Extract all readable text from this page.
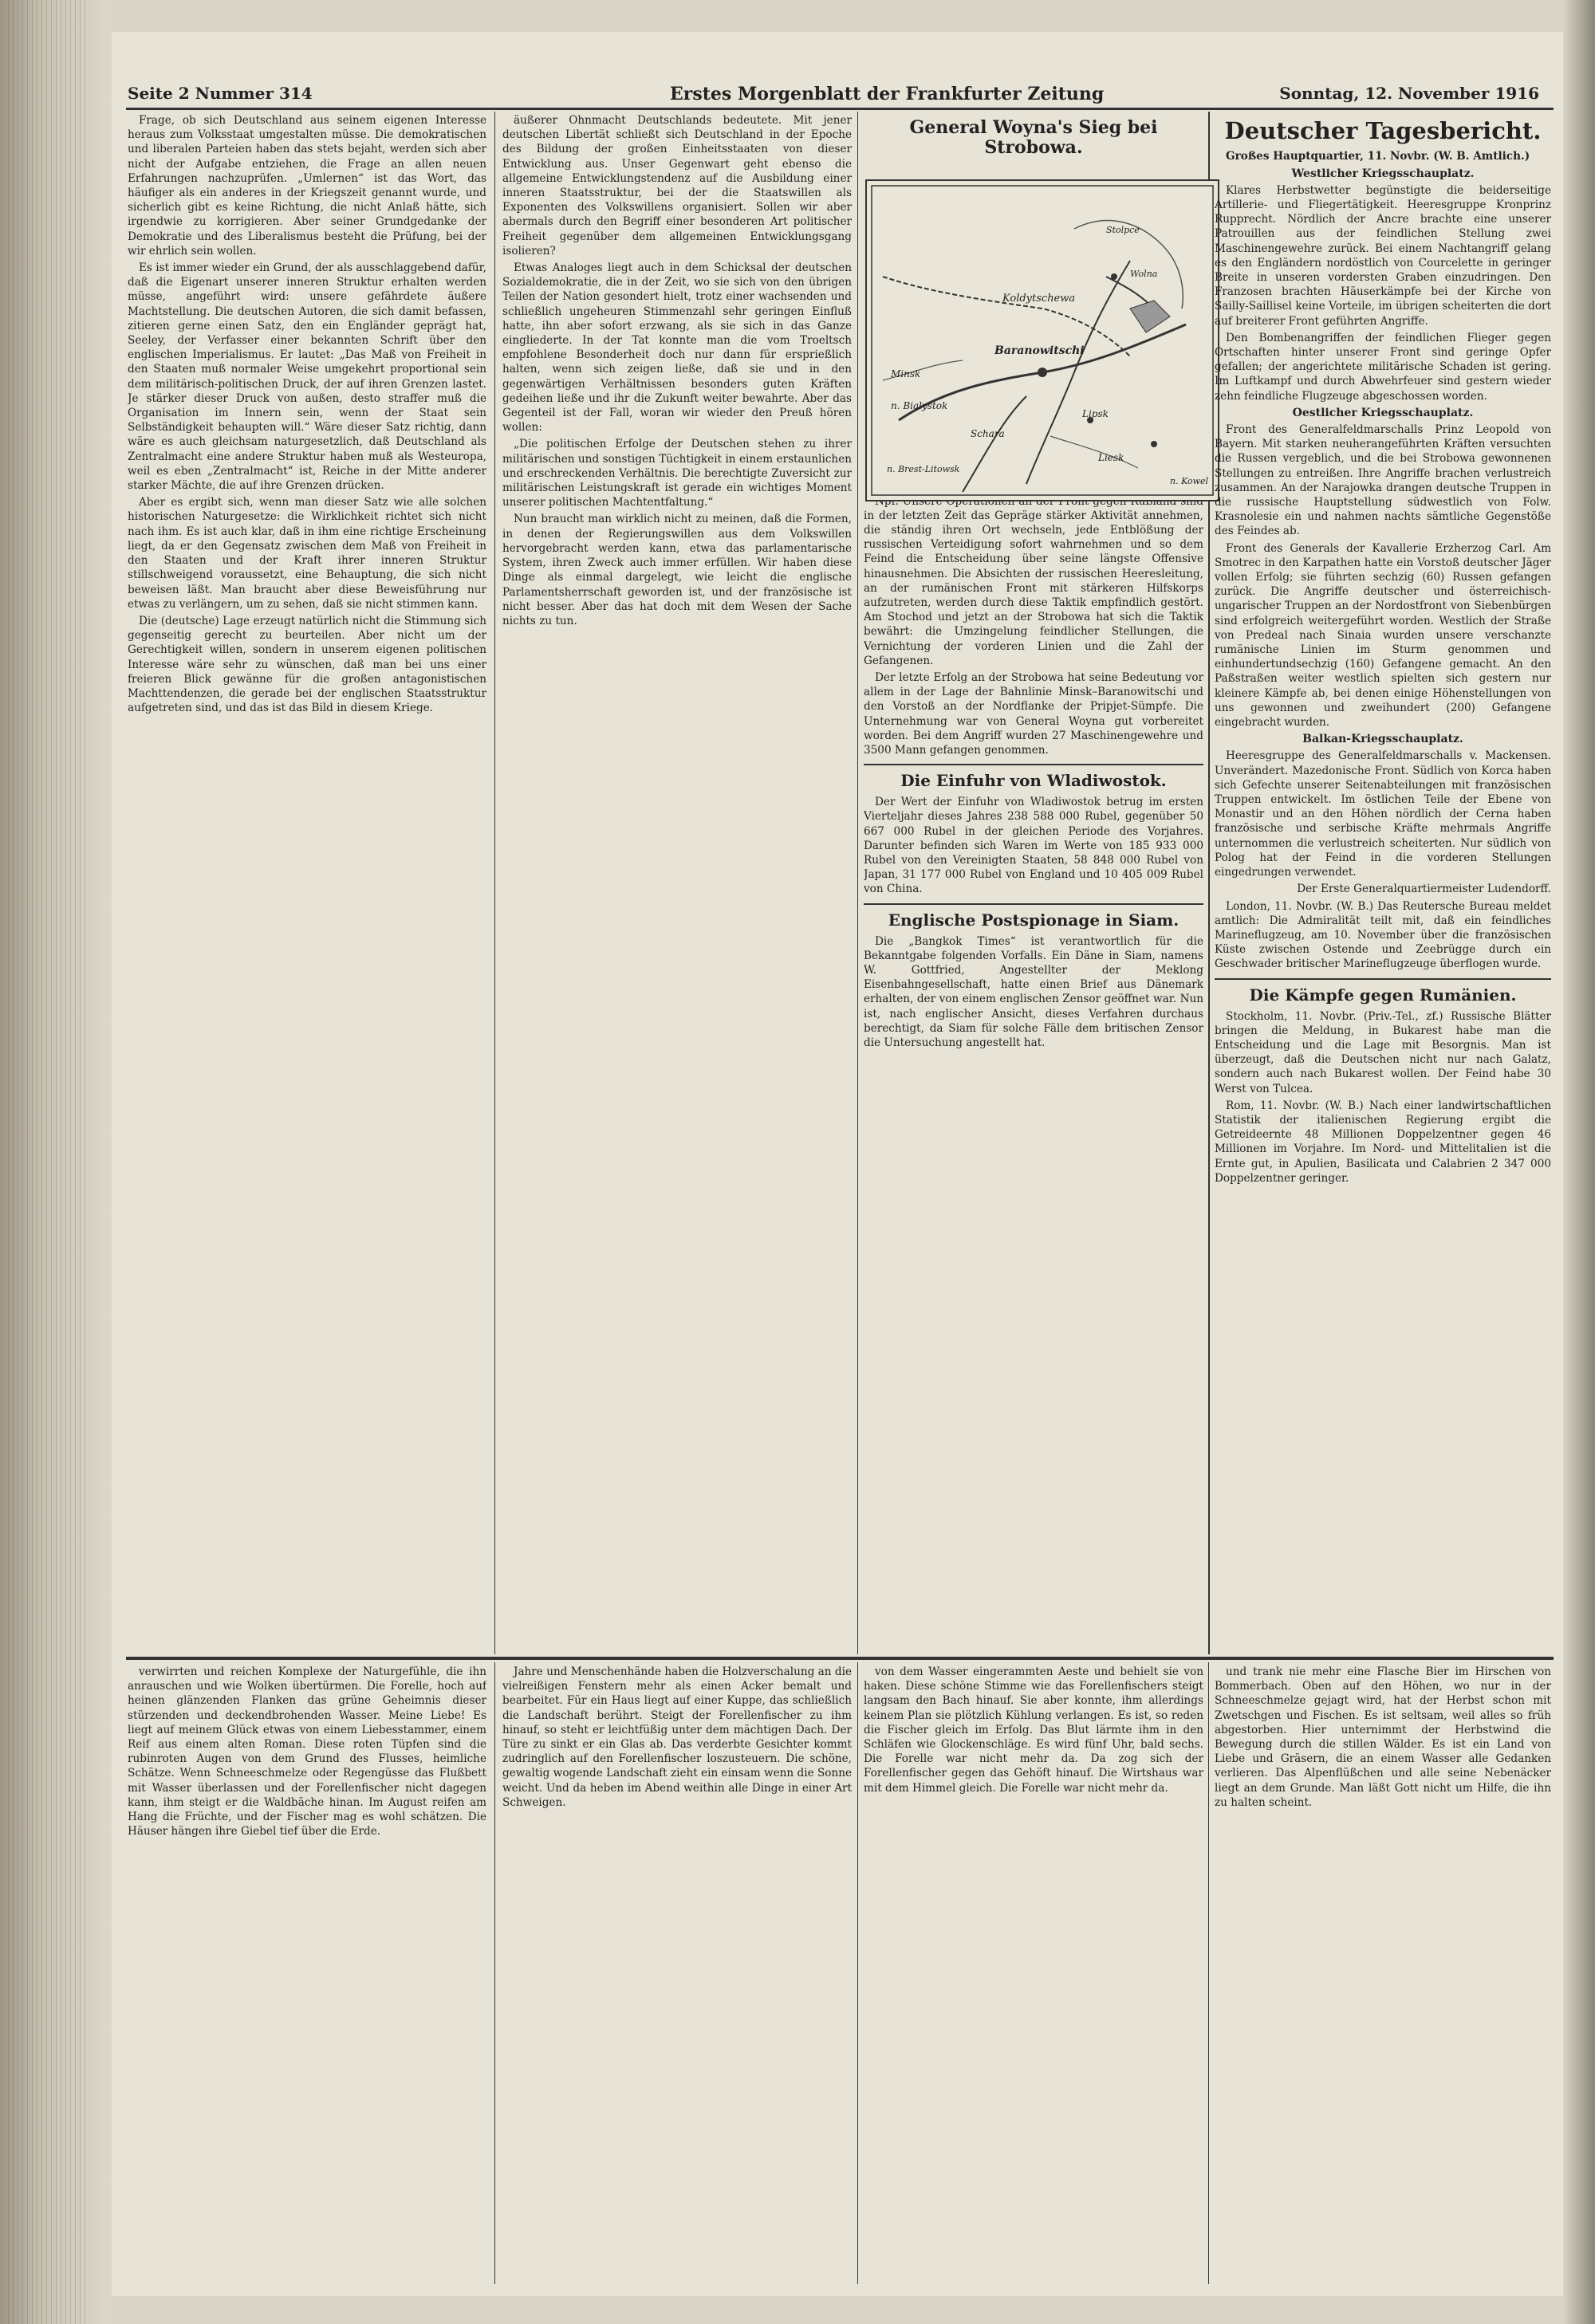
Seite 2 Nummer 314	Erstes Morgenblatt der Frankfurter Zeitung	Sonntag, 12. November 1916

Frage, ob sich Deutschland aus seinem eigenen Interesse heraus zum Volksstaat umgestalten müsse. Die demokratischen und liberalen Parteien haben das stets bejaht, werden sich aber nicht der Aufgabe entziehen, die Frage an allen neuen Erfahrungen nachzuprüfen. „Umlernen“ ist das Wort, das häufiger als ein anderes in der Kriegszeit genannt wurde, und sicherlich gibt es keine Richtung, die nicht Anlaß hätte, sich irgendwie zu korrigieren. Aber seiner Grundgedanke der Demokratie und des Liberalismus besteht die Prüfung, bei der wir ehrlich sein wollen.

Es ist immer wieder ein Grund, der als ausschlaggebend dafür, daß die Eigenart unserer inneren Struktur erhalten werden müsse, angeführt wird: unsere gefährdete äußere Machtstellung. Die deutschen Autoren, die sich damit befassen, zitieren gerne einen Satz, den ein Engländer geprägt hat, Seeley, der Verfasser einer bekannten Schrift über den englischen Imperialismus. Er lautet: „Das Maß von Freiheit in den Staaten muß normaler Weise umgekehrt proportional sein dem militärisch-politischen Druck, der auf ihren Grenzen lastet. Je stärker dieser Druck von außen, desto straffer muß die Organisation im Innern sein, wenn der Staat sein Selbständigkeit behaupten will.“ Wäre dieser Satz richtig, dann wäre es auch gleichsam naturgesetzlich, daß Deutschland als Zentralmacht eine andere Struktur haben muß als Westeuropa, weil es eben „Zentralmacht“ ist, Reiche in der Mitte anderer starker Mächte, die auf ihre Grenzen drücken.

Aber es ergibt sich, wenn man dieser Satz wie alle solchen historischen Naturgesetze: die Wirklichkeit richtet sich nicht nach ihm. Es ist auch klar, daß in ihm eine richtige Erscheinung liegt, da er den Gegensatz zwischen dem Maß von Freiheit in den Staaten und der Kraft ihrer inneren Struktur stillschweigend voraussetzt, eine Behauptung, die sich nicht beweisen läßt. Man braucht aber diese Beweisführung nur etwas zu verlängern, um zu sehen, daß sie nicht stimmen kann.

Die (deutsche) Lage erzeugt natürlich nicht die Stimmung sich gegenseitig gerecht zu beurteilen. Aber nicht um der Gerechtigkeit willen, sondern in unserem eigenen politischen Interesse wäre sehr zu wünschen, daß man bei uns einer freieren Blick gewänne für die großen antagonistischen Machttendenzen, die gerade bei der englischen Staatsstruktur aufgetreten sind, und das ist das Bild in diesem Kriege.

äußerer Ohnmacht Deutschlands bedeutete. Mit jener deutschen Libertät schließt sich Deutschland in der Epoche des Bildung der großen Einheitsstaaten von dieser Entwicklung aus. Unser Gegenwart geht ebenso die allgemeine Entwicklungstendenz auf die Ausbildung einer inneren Staatsstruktur, bei der die Staatswillen als Exponenten des Volkswillens organisiert. Sollen wir aber abermals durch den Begriff einer besonderen Art politischer Freiheit gegenüber dem allgemeinen Entwicklungsgang isolieren?

Etwas Analoges liegt auch in dem Schicksal der deutschen Sozialdemokratie, die in der Zeit, wo sie sich von den übrigen Teilen der Nation gesondert hielt, trotz einer wachsenden und schließlich ungeheuren Stimmenzahl sehr geringen Einfluß hatte, ihn aber sofort erzwang, als sie sich in das Ganze eingliederte. In der Tat konnte man die vom Troeltsch empfohlene Besonderheit doch nur dann für ersprießlich halten, wenn sich zeigen ließe, daß sie und in den gegenwärtigen Verhältnissen besonders guten Kräften gedeihen ließe und ihr die Zukunft weiter bewahrte. Aber das Gegenteil ist der Fall, woran wir wieder den Preuß hören wollen:

„Die politischen Erfolge der Deutschen stehen zu ihrer militärischen und sonstigen Tüchtigkeit in einem erstaunlichen und erschreckenden Verhältnis. Die berechtigte Zuversicht zur militärischen Leistungskraft ist gerade ein wichtiges Moment unserer politischen Machtentfaltung.“

Nun braucht man wirklich nicht zu meinen, daß die Formen, in denen der Regierungswillen aus dem Volkswillen hervorgebracht werden kann, etwa das parlamentarische System, ihren Zweck auch immer erfüllen. Wir haben diese Dinge als einmal dargelegt, wie leicht die englische Parlamentsherrschaft geworden ist, und der französische ist nicht besser. Aber das hat doch mit dem Wesen der Sache nichts zu tun.

General Woyna's Sieg bei Strobowa.

in der letzten Zeit das Gepräge stärker Aktivität annehmen, die ständig ihren Ort wechseln, jede Entblößung der russischen Verteidigung sofort wahrnehmen und so dem Feind die Entscheidung über seine längste Offensive hinausnehmen. Die Absichten der russischen Heeresleitung, an der rumänischen Front mit stärkeren Hilfskorps aufzutreten, werden durch diese Taktik empfindlich gestört. Am Stochod und jetzt an der Strobowa hat sich die Taktik bewährt: die Umzingelung feindlicher Stellungen, die Vernichtung der vorderen Linien und die Zahl der Gefangenen.

Der letzte Erfolg an der Strobowa hat seine Bedeutung vor allem in der Lage der Bahnlinie Minsk–Baranowitschi und den Vorstoß an der Nordflanke der Pripjet-Sümpfe. Die Unternehmung war von General Woyna gut vorbereitet worden. Bei dem Angriff wurden 27 Maschinengewehre und 3500 Mann gefangen genommen.

Die Einfuhr von Wladiwostok.

Der Wert der Einfuhr von Wladiwostok betrug im ersten Vierteljahr dieses Jahres 238 588 000 Rubel, gegenüber 50 667 000 Rubel in der gleichen Periode des Vorjahres. Darunter befinden sich Waren im Werte von 185 933 000 Rubel von den Vereinigten Staaten, 58 848 000 Rubel von Japan, 31 177 000 Rubel von England und 10 405 009 Rubel von China.

Englische Postspionage in Siam.

Die „Bangkok Times“ ist verantwortlich für die Bekanntgabe folgenden Vorfalls. Ein Däne in Siam, namens W. Gottfried, Angestellter der Meklong Eisenbahngesellschaft, hatte einen Brief aus Dänemark erhalten, der von einem englischen Zensor geöffnet war. Nun ist, nach englischer Ansicht, dieses Verfahren durchaus berechtigt, da Siam für solche Fälle dem britischen Zensor die Untersuchung angestellt hat.

Koldytschewa
Baranowitschi
Minsk
n. Bialystok
Schara
Liesk
Lipsk
n. Brest-Litowsk
n. Kowel
Stolpce
Wolna
Deutscher Tagesbericht.

Großes Hauptquartier, 11. Novbr. (W. B. Amtlich.)

Westlicher Kriegsschauplatz.

Klares Herbstwetter begünstigte die beiderseitige Artillerie- und Fliegertätigkeit. Heeresgruppe Kronprinz Rupprecht. Nördlich der Ancre brachte eine unserer Patrouillen aus der feindlichen Stellung zwei Maschinengewehre zurück. Bei einem Nachtangriff gelang es den Engländern nordöstlich von Courcelette in geringer Breite in unseren vordersten Graben einzudringen. Den Franzosen brachten Häuserkämpfe bei der Kirche von Sailly-Saillisel keine Vorteile, im übrigen scheiterten die dort auf breiterer Front geführten Angriffe.

Den Bombenangriffen der feindlichen Flieger gegen Ortschaften hinter unserer Front sind geringe Opfer gefallen; der angerichtete militärische Schaden ist gering. Im Luftkampf und durch Abwehrfeuer sind gestern wieder zehn feindliche Flugzeuge abgeschossen worden.

Oestlicher Kriegsschauplatz.

Front des Generalfeldmarschalls Prinz Leopold von Bayern. Mit starken neuherangeführten Kräften versuchten die Russen vergeblich, und die bei Strobowa gewonnenen Stellungen zu entreißen. Ihre Angriffe brachen verlustreich zusammen. An der Narajowka drangen deutsche Truppen in die russische Hauptstellung südwestlich von Folw. Krasnolesie ein und nahmen nachts sämtliche Gegenstöße des Feindes ab.

Front des Generals der Kavallerie Erzherzog Carl. Am Smotrec in den Karpathen hatte ein Vorstoß deutscher Jäger vollen Erfolg; sie führten sechzig (60) Russen gefangen zurück. Die Angriffe deutscher und österreichisch-ungarischer Truppen an der Nordostfront von Siebenbürgen sind erfolgreich weitergeführt worden. Westlich der Straße von Predeal nach Sinaia wurden unsere verschanzte rumänische Linien im Sturm genommen und einhundertundsechzig (160) Gefangene gemacht. An den Paßstraßen weiter westlich spielten sich gestern nur kleinere Kämpfe ab, bei denen einige Höhenstellungen von uns gewonnen und zweihundert (200) Gefangene eingebracht wurden.

Balkan-Kriegsschauplatz.

Heeresgruppe des Generalfeldmarschalls v. Mackensen. Unverändert. Mazedonische Front. Südlich von Korca haben sich Gefechte unserer Seitenabteilungen mit französischen Truppen entwickelt. Im östlichen Teile der Ebene von Monastir und an den Höhen nördlich der Cerna haben französische und serbische Kräfte mehrmals Angriffe unternommen die verlustreich scheiterten. Nur südlich von Polog hat der Feind in die vorderen Stellungen eingedrungen verwendet.

Der Erste Generalquartiermeister Ludendorff.

London, 11. Novbr. (W. B.) Das Reutersche Bureau meldet amtlich: Die Admiralität teilt mit, daß ein feindliches Marineflugzeug, am 10. November über die französischen Küste zwischen Ostende und Zeebrügge durch ein Geschwader britischer Marineflugzeuge überflogen wurde.

Die Kämpfe gegen Rumänien.

Stockholm, 11. Novbr. (Priv.-Tel., zf.) Russische Blätter bringen die Meldung, in Bukarest habe man die Entscheidung und die Lage mit Besorgnis. Man ist überzeugt, daß die Deutschen nicht nur nach Galatz, sondern auch nach Bukarest wollen. Der Feind habe 30 Werst von Tulcea.

Rom, 11. Novbr. (W. B.) Nach einer landwirtschaftlichen Statistik der italienischen Regierung ergibt die Getreideernte 48 Millionen Doppelzentner gegen 46 Millionen im Vorjahre. Im Nord- und Mittelitalien ist die Ernte gut, in Apulien, Basilicata und Calabrien 2 347 000 Doppelzentner geringer.

verwirrten und reichen Komplexe der Naturgefühle, die ihn anrauschen und wie Wolken übertürmen. Die Forelle, hoch auf heinen glänzenden Flanken das grüne Geheimnis dieser stürzenden und deckendbrohenden Wasser. Meine Liebe! Es liegt auf meinem Glück etwas von einem Liebesstammer, einem Reif aus einem alten Roman. Diese roten Tüpfen sind die rubinroten Augen von dem Grund des Flusses, heimliche Schätze. Wenn Schneeschmelze oder Regengüsse das Flußbett mit Wasser überlassen und der Forellenfischer nicht dagegen kann, ihm steigt er die Waldbäche hinan. Im August reifen am Hang die Früchte, und der Fischer mag es wohl schätzen. Die Häuser hängen ihre Giebel tief über die Erde.

Jahre und Menschenhände haben die Holzverschalung an die vielreißigen Fenstern mehr als einen Acker bemalt und bearbeitet. Für ein Haus liegt auf einer Kuppe, das schließlich die Landschaft berührt. Steigt der Forellenfischer zu ihm hinauf, so steht er leichtfüßig unter dem mächtigen Dach. Der Türe zu sinkt er ein Glas ab. Das verderbte Gesichter kommt zudringlich auf den Forellenfischer loszusteuern. Die schöne, gewaltig wogende Landschaft zieht ein einsam wenn die Sonne weicht. Und da heben im Abend weithin alle Dinge in einer Art Schweigen.

von dem Wasser eingerammten Aeste und behielt sie von haken. Diese schöne Stimme wie das Forellenfischers steigt langsam den Bach hinauf. Sie aber konnte, ihm allerdings keinem Plan sie plötzlich Kühlung verlangen. Es ist, so reden die Fischer gleich im Erfolg. Das Blut lärmte ihm in den Schläfen wie Glockenschläge. Es wird fünf Uhr, bald sechs. Die Forelle war nicht mehr da. Da zog sich der Forellenfischer gegen das Gehöft hinauf. Die Wirtshaus war mit dem Himmel gleich. Die Forelle war nicht mehr da.

und trank nie mehr eine Flasche Bier im Hirschen von Bommerbach. Oben auf den Höhen, wo nur in der Schneeschmelze gejagt wird, hat der Herbst schon mit Zwetschgen und Fischen. Es ist seltsam, weil alles so früh abgestorben. Hier unternimmt der Herbstwind die Bewegung durch die stillen Wälder. Es ist ein Land von Liebe und Gräsern, die an einem Wasser alle Gedanken verlieren. Das Alpenflüßchen und alle seine Nebenäcker liegt an dem Grunde. Man läßt Gott nicht um Hilfe, die ihn zu halten scheint.
